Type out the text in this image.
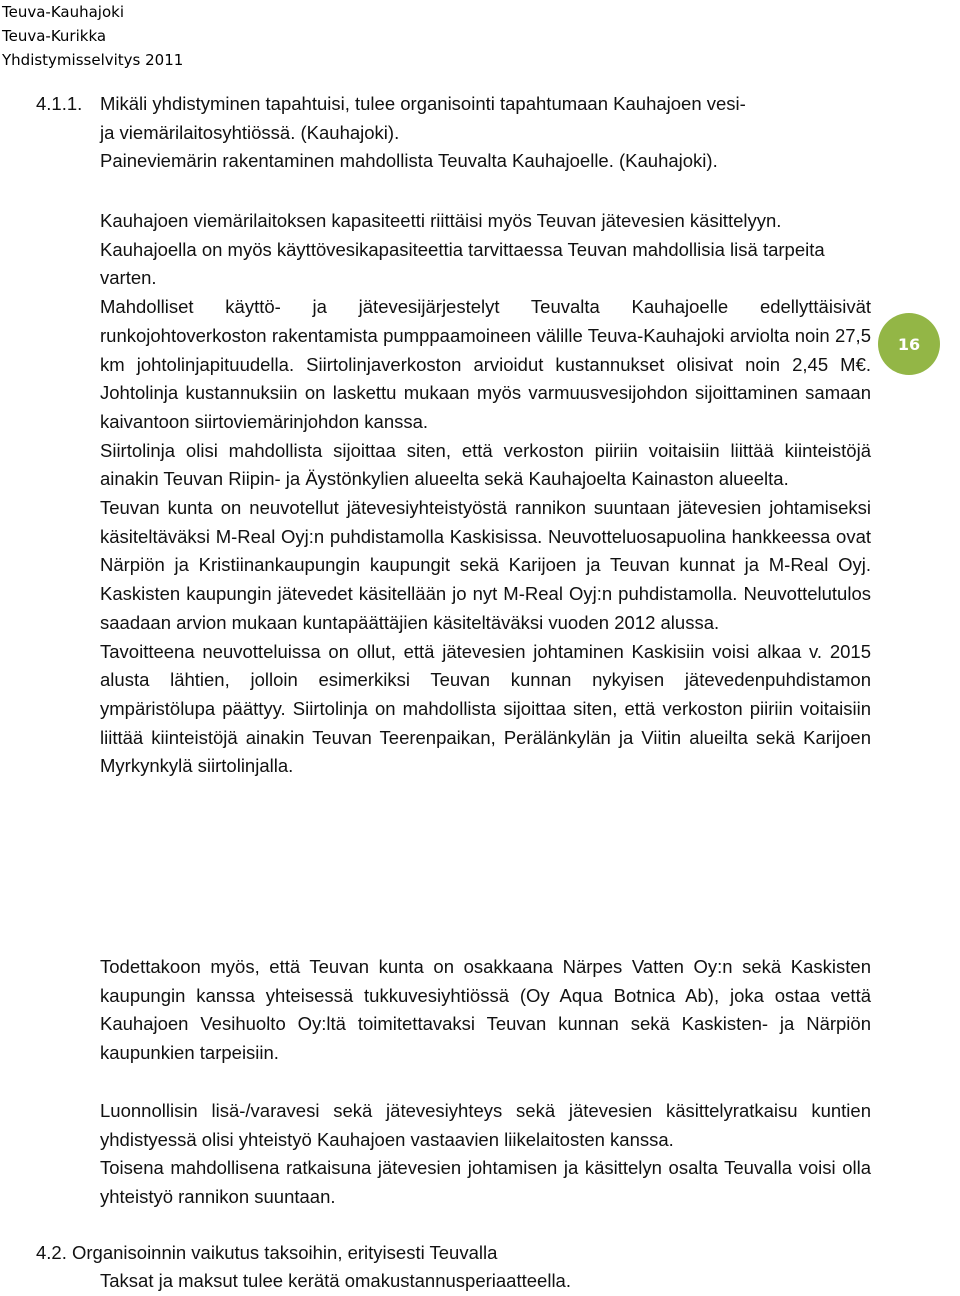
Teuva-Kauhajoki
Teuva-Kurikka
Yhdistymisselvitys 2011
16
4.1.1. Mikäli yhdistyminen tapahtuisi, tulee organisointi tapahtumaan Kauhajoen vesi-
ja viemärilaitosyhtiössä. (Kauhajoki).
Paineviemärin rakentaminen mahdollista Teuvalta Kauhajoelle. (Kauhajoki).

Kauhajoen viemärilaitoksen kapasiteetti riittäisi myös Teuvan jätevesien käsittelyyn.

Kauhajoella on myös käyttövesikapasiteettia tarvittaessa Teuvan mahdollisia lisä tarpeita varten.

Mahdolliset käyttö- ja jätevesijärjestelyt Teuvalta Kauhajoelle edellyttäisivät runkojohtoverkoston rakentamista pumppaamoineen välille Teuva-Kauhajoki arviolta noin 27,5 km johtolinjapituudella. Siirtolinjaverkoston arvioidut kustannukset olisivat noin 2,45 M€. Johtolinja kustannuksiin on laskettu mukaan myös varmuusvesijohdon sijoittaminen samaan kaivantoon siirtoviemärinjohdon kanssa.

Siirtolinja olisi mahdollista sijoittaa siten, että verkoston piiriin voitaisiin liittää kiinteistöjä ainakin Teuvan Riipin- ja Äystönkylien alueelta sekä Kauhajoelta Kainaston alueelta.

Teuvan kunta on neuvotellut jätevesiyhteistyöstä rannikon suuntaan jätevesien johtamiseksi käsiteltäväksi M-Real Oyj:n puhdistamolla Kaskisissa. Neuvotteluosapuolina hankkeessa ovat Närpiön ja Kristiinankaupungin kaupungit sekä Karijoen ja Teuvan kunnat ja M-Real Oyj. Kaskisten kaupungin jätevedet käsitellään jo nyt M-Real Oyj:n puhdistamolla. Neuvottelutulos saadaan arvion mukaan kuntapäättäjien käsiteltäväksi vuoden 2012 alussa.

Tavoitteena neuvotteluissa on ollut, että jätevesien johtaminen Kaskisiin voisi alkaa v. 2015 alusta lähtien, jolloin esimerkiksi Teuvan kunnan nykyisen jätevedenpuhdistamon ympäristölupa päättyy. Siirtolinja on mahdollista sijoittaa siten, että verkoston piiriin voitaisiin liittää kiinteistöjä ainakin Teuvan Teerenpaikan, Perälänkylän ja Viitin alueilta sekä Karijoen Myrkynkylä siirtolinjalla.

Todettakoon myös, että Teuvan kunta on osakkaana Närpes Vatten Oy:n sekä Kaskisten kaupungin kanssa yhteisessä tukkuvesiyhtiössä (Oy Aqua Botnica Ab), joka ostaa vettä Kauhajoen Vesihuolto Oy:ltä toimitettavaksi Teuvan kunnan sekä Kaskisten- ja Närpiön kaupunkien tarpeisiin.

Luonnollisin lisä-/varavesi sekä jätevesiyhteys sekä jätevesien käsittelyratkaisu kuntien yhdistyessä olisi yhteistyö Kauhajoen vastaavien liikelaitosten kanssa.

Toisena mahdollisena ratkaisuna jätevesien johtamisen ja käsittelyn osalta Teuvalla voisi olla yhteistyö rannikon suuntaan.

4.2. Organisoinnin vaikutus taksoihin, erityisesti Teuvalla
Taksat ja maksut tulee kerätä omakustannusperiaatteella.
